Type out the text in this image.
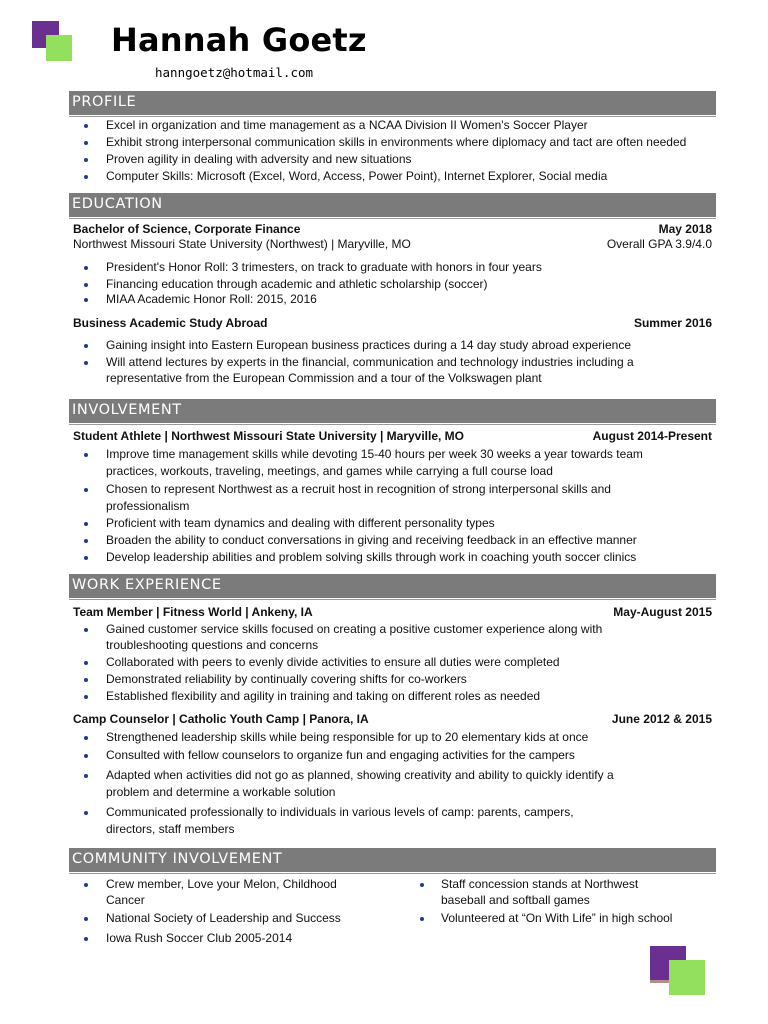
Hannah Goetz
hanngoetz@hotmail.com
PROFILE
Excel in organization and time management as a NCAA Division II Women's Soccer Player
Exhibit strong interpersonal communication skills in environments where diplomacy and tact are often needed
Proven agility in dealing with adversity and new situations
Computer Skills: Microsoft (Excel, Word, Access, Power Point), Internet Explorer, Social media
EDUCATION
Bachelor of Science, Corporate Finance	May 2018
Northwest Missouri State University (Northwest) | Maryville, MO	Overall GPA 3.9/4.0
President's Honor Roll: 3 trimesters, on track to graduate with honors in four years
Financing education through academic and athletic scholarship (soccer)
MIAA Academic Honor Roll: 2015, 2016
Business Academic Study Abroad	Summer 2016
Gaining insight into Eastern European business practices during a 14 day study abroad experience
Will attend lectures by experts in the financial, communication and technology industries including a
representative from the European Commission and a tour of the Volkswagen plant
INVOLVEMENT
Student Athlete | Northwest Missouri State University | Maryville, MO	August 2014-Present
Improve time management skills while devoting 15-40 hours per week 30 weeks a year towards team
practices, workouts, traveling, meetings, and games while carrying a full course load
Chosen to represent Northwest as a recruit host in recognition of strong interpersonal skills and
professionalism
Proficient with team dynamics and dealing with different personality types
Broaden the ability to conduct conversations in giving and receiving feedback in an effective manner
Develop leadership abilities and problem solving skills through work in coaching youth soccer clinics
WORK EXPERIENCE
Team Member | Fitness World | Ankeny, IA	May-August 2015
Gained customer service skills focused on creating a positive customer experience along with
troubleshooting questions and concerns
Collaborated with peers to evenly divide activities to ensure all duties were completed
Demonstrated reliability by continually covering shifts for co-workers
Established flexibility and agility in training and taking on different roles as needed
Camp Counselor | Catholic Youth Camp | Panora, IA	June 2012 & 2015
Strengthened leadership skills while being responsible for up to 20 elementary kids at once
Consulted with fellow counselors to organize fun and engaging activities for the campers
Adapted when activities did not go as planned, showing creativity and ability to quickly identify a
problem and determine a workable solution
Communicated professionally to individuals in various levels of camp: parents, campers,
directors, staff members
COMMUNITY INVOLVEMENT
Crew member, Love your Melon, Childhood
Cancer
National Society of Leadership and Success
Iowa Rush Soccer Club 2005-2014
Staff concession stands at Northwest
baseball and softball games
Volunteered at “On With Life” in high school
